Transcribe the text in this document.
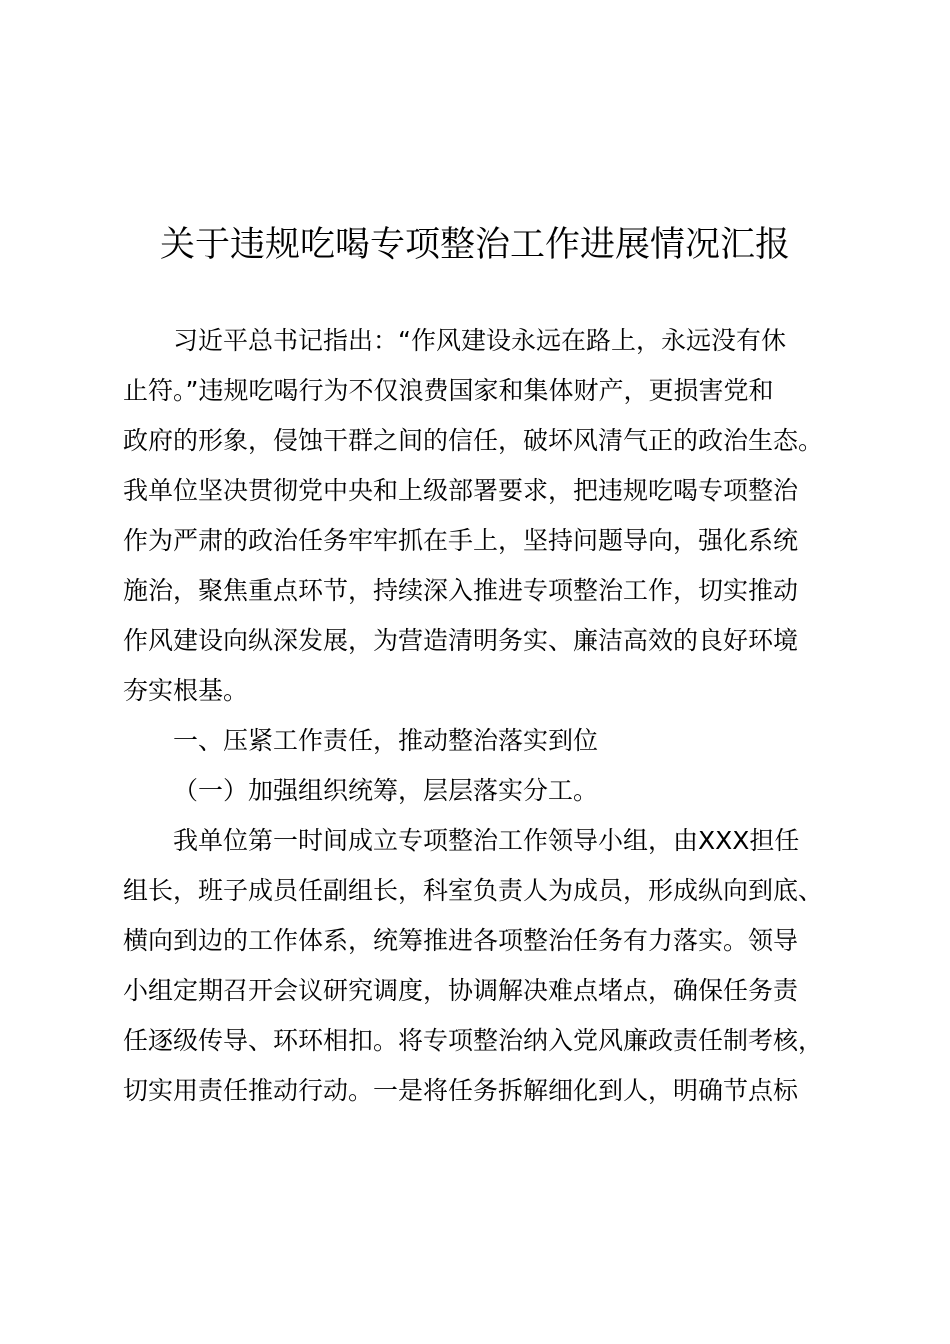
关于违规吃喝专项整治工作进展情况汇报
习近平总书记指出：“作风建设永远在路上，永远没有休
止符。”违规吃喝行为不仅浪费国家和集体财产，更损害党和
政府的形象，侵蚀干群之间的信任，破坏风清气正的政治生态。
我单位坚决贯彻党中央和上级部署要求，把违规吃喝专项整治
作为严肃的政治任务牢牢抓在手上，坚持问题导向，强化系统
施治，聚焦重点环节，持续深入推进专项整治工作，切实推动
作风建设向纵深发展，为营造清明务实、廉洁高效的良好环境
夯实根基。
一、压紧工作责任，推动整治落实到位
（一）加强组织统筹，层层落实分工。
我单位第一时间成立专项整治工作领导小组，由XXX担任
组长，班子成员任副组长，科室负责人为成员，形成纵向到底、
横向到边的工作体系，统筹推进各项整治任务有力落实。领导
小组定期召开会议研究调度，协调解决难点堵点，确保任务责
任逐级传导、环环相扣。将专项整治纳入党风廉政责任制考核，
切实用责任推动行动。一是将任务拆解细化到人，明确节点标
